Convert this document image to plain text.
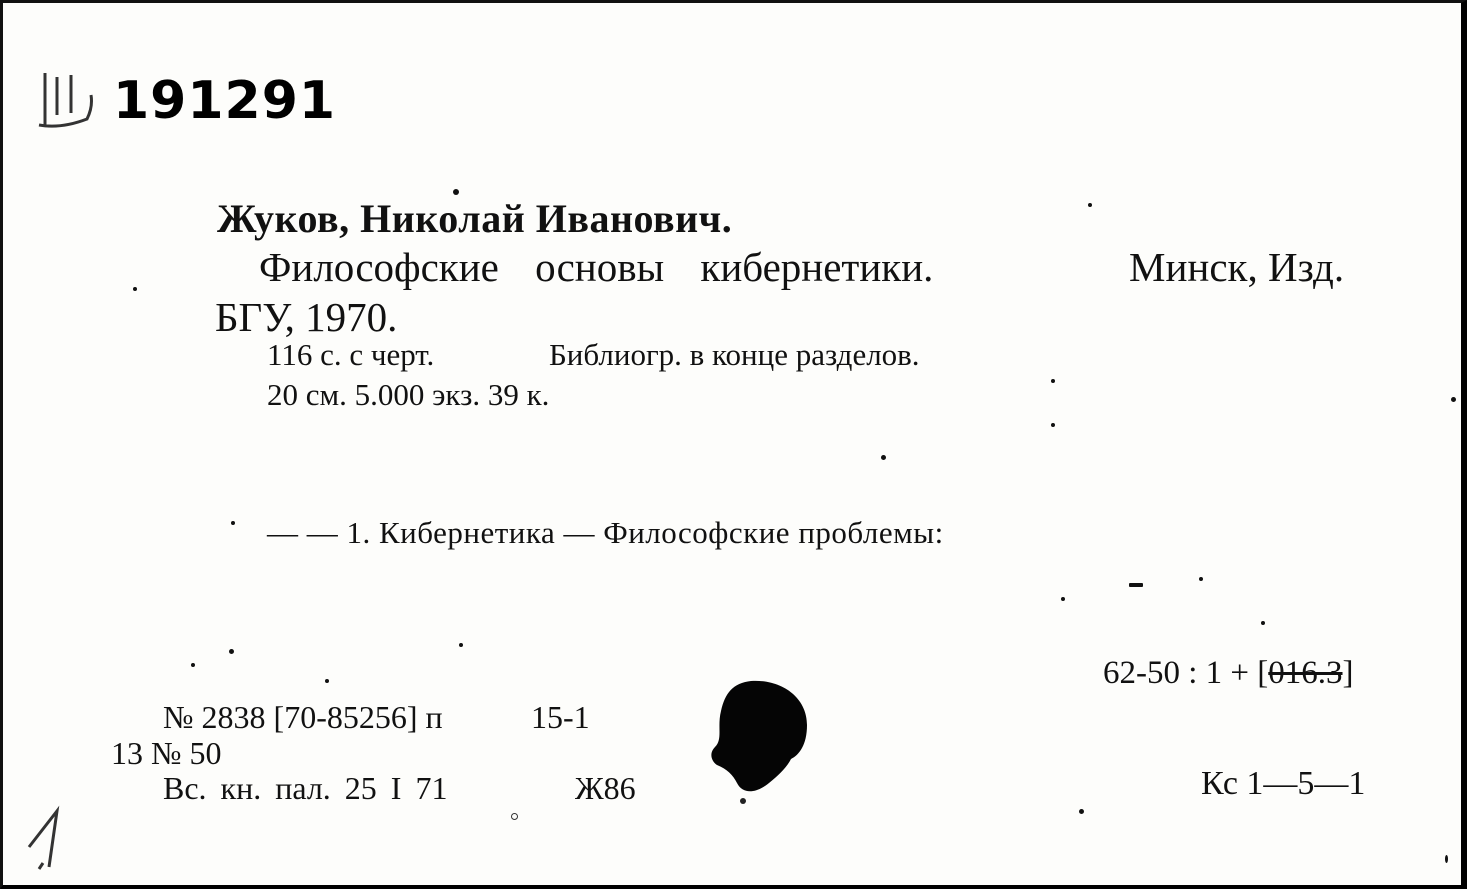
191291
Жуков, Николай Иванович.
Философские основы кибернетики.	Минск, Изд.
БГУ, 1970.
116 с. с черт.	Библиогр. в конце разделов.
20 см. 5.000 экз. 39 к.
— — 1. Кибернетика — Философские проблемы:
62-50 : 1 + [016.3]
№ 2838 [70-85256] п	15-1
13 № 50
Вс. кн. пал. 25 I 71	Ж86	Кс 1—5—1
